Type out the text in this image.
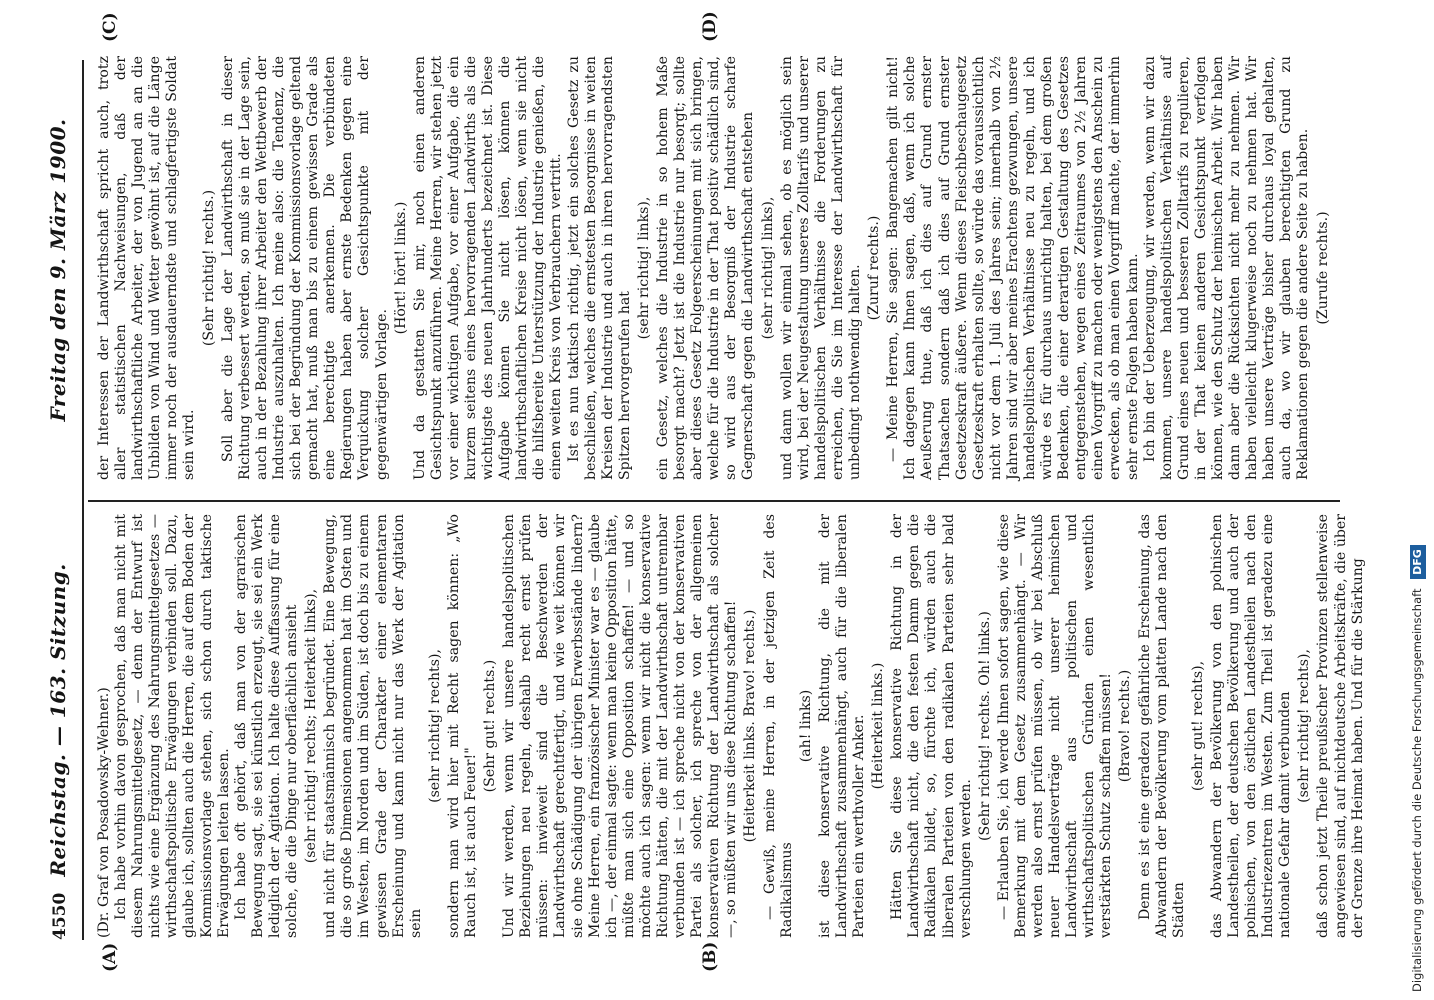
4550
Reichstag. — 163. Sitzung.
Freitag den 9. März 1900.
(A)	(B)
(C)	(D)

(Dr. Graf von Posadowsky-Wehner.) Ich habe vorhin davon gesprochen, daß man nicht mit diesem Nahrungsmittelgesetz, — denn der Entwurf ist nichts wie eine Ergänzung des Nahrungsmittelgesetzes — wirthschaftspolitische Erwägungen verbinden soll. Dazu, glaube ich, sollten auch die Herren, die auf dem Boden der Kommissionsvorlage stehen, sich schon durch taktische Erwägungen leiten lassen. Ich habe oft gehört, daß man von der agrarischen Bewegung sagt, sie sei künstlich erzeugt, sie sei ein Werk lediglich der Agitation. Ich halte diese Auffassung für eine solche, die die Dinge nur oberflächlich ansieht (sehr richtig! rechts; Heiterkeit links), und nicht für staatsmännisch begründet. Eine Bewegung, die so große Dimensionen angenommen hat im Osten und im Westen, im Norden und im Süden, ist doch bis zu einem gewissen Grade der Charakter einer elementaren Erscheinung und kann nicht nur das Werk der Agitation sein

(sehr richtig! rechts), sondern man wird hier mit Recht sagen können: „Wo Rauch ist, ist auch Feuer!"

(Sehr gut! rechts.) Und wir werden, wenn wir unsere handelspolitischen Beziehungen neu regeln, deshalb recht ernst prüfen müssen: inwieweit sind die Beschwerden der Landwirthschaft gerechtfertigt, und wie weit können wir sie ohne Schädigung der übrigen Erwerbsstände lindern? Meine Herren, ein französischer Minister war es — glaube ich —, der einmal sagte: wenn man keine Opposition hätte, müßte man sich eine Opposition schaffen! — und so möchte auch ich sagen: wenn wir nicht die konservative Richtung hätten, die mit der Landwirthschaft untrennbar verbunden ist — ich spreche nicht von der konservativen Partei als solcher, ich spreche von der allgemeinen konservativen Richtung der Landwirthschaft als solcher —, so müßten wir uns diese Richtung schaffen! (Heiterkeit links. Bravo! rechts.) — Gewiß, meine Herren, in der jetzigen Zeit des Radikalismus

(ah! links) ist diese konservative Richtung, die mit der Landwirthschaft zusammenhängt, auch für die liberalen Parteien ein werthvoller Anker. (Heiterkeit links.) Hätten Sie diese konservative Richtung in der Landwirthschaft nicht, die den festen Damm gegen die Radikalen bildet, so, fürchte ich, würden auch die liberalen Parteien von den radikalen Parteien sehr bald verschlungen werden.

(Sehr richtig! rechts. Oh! links.) — Erlauben Sie, ich werde Ihnen sofort sagen, wie diese Bemerkung mit dem Gesetz zusammenhängt. — Wir werden also ernst prüfen müssen, ob wir bei Abschluß neuer Handelsverträge nicht unserer heimischen Landwirthschaft aus politischen und wirthschaftspolitischen Gründen einen wesentlich verstärkten Schutz schaffen müssen! (Bravo! rechts.) Denn es ist eine geradezu gefährliche Erscheinung, das Abwandern der Bevölkerung vom platten Lande nach den Städten

(sehr gut! rechts), das Abwandern der Bevölkerung von den polnischen Landestheilen, der deutschen Bevölkerung und auch der polnischen, von den östlichen Landestheilen nach den Industriezentren im Westen. Zum Theil ist geradezu eine nationale Gefahr damit verbunden (sehr richtig! rechts), daß schon jetzt Theile preußischer Provinzen stellenweise angewiesen sind, auf nichtdeutsche Arbeitskräfte, die über der Grenze ihre Heimat haben. Und für die Stärkung

der Interessen der Landwirthschaft spricht auch, trotz aller statistischen Nachweisungen, daß der landwirthschaftliche Arbeiter, der von Jugend an an die Unbilden von Wind und Wetter gewöhnt ist, auf die Länge immer noch der ausdauerndste und schlagfertigste Soldat sein wird.

(Sehr richtig! rechts.) Soll aber die Lage der Landwirthschaft in dieser Richtung verbessert werden, so muß sie in der Lage sein, auch in der Bezahlung ihrer Arbeiter den Wettbewerb der Industrie auszuhalten. Ich meine also: die Tendenz, die sich bei der Begründung der Kommissionsvorlage geltend gemacht hat, muß man bis zu einem gewissen Grade als eine berechtigte anerkennen. Die verbündeten Regierungen haben aber ernste Bedenken gegen eine Verquickung solcher Gesichtspunkte mit der gegenwärtigen Vorlage.

(Hört! hört! links.) Und da gestatten Sie mir, noch einen anderen Gesichtspunkt anzuführen. Meine Herren, wir stehen jetzt vor einer wichtigen Aufgabe, vor einer Aufgabe, die ein kurzem seitens eines hervorragenden Landwirths als die wichtigste des neuen Jahrhunderts bezeichnet ist. Diese Aufgabe können Sie nicht lösen, können die landwirthschaftlichen Kreise nicht lösen, wenn sie nicht die hilfsbereite Unterstützung der Industrie genießen, die einen weiten Kreis von Verbrauchern vertritt. Ist es nun taktisch richtig, jetzt ein solches Gesetz zu beschließen, welches die ernstesten Besorgnisse in weiten Kreisen der Industrie und auch in ihren hervorragendsten Spitzen hervorgerufen hat

(sehr richtig! links), ein Gesetz, welches die Industrie in so hohem Maße besorgt macht? Jetzt ist die Industrie nur besorgt; sollte aber dieses Gesetz Folgeerscheinungen mit sich bringen, welche für die Industrie in der That positiv schädlich sind, so wird aus der Besorgniß der Industrie scharfe Gegnerschaft gegen die Landwirthschaft entstehen (sehr richtig! links), und dann wollen wir einmal sehen, ob es möglich sein wird, bei der Neugestaltung unseres Zolltarifs und unserer handelspolitischen Verhältnisse die Forderungen zu erreichen, die Sie im Interesse der Landwirthschaft für unbedingt nothwendig halten. (Zuruf rechts.) — Meine Herren, Sie sagen: Bangemachen gilt nicht! Ich dagegen kann Ihnen sagen, daß, wenn ich solche Aeußerung thue, daß ich dies auf Grund ernster Thatsachen sondern daß ich dies auf Grund ernster Gesetzeskraft äußere. Wenn dieses Fleischbeschaugesetz Gesetzeskraft erhalten sollte, so würde das voraussichtlich nicht vor dem 1. Juli des Jahres sein; innerhalb von 2½ Jahren sind wir aber meines Erachtens gezwungen, unsere handelspolitischen Verhältnisse neu zu regeln, und ich würde es für durchaus unrichtig halten, bei dem großen Bedenken, die einer derartigen Gestaltung des Gesetzes entgegenstehen, wegen eines Zeitraumes von 2½ Jahren einen Vorgriff zu machen oder wenigstens den Anschein zu erwecken, als ob man einen Vorgriff machte, der immerhin sehr ernste Folgen haben kann. Ich bin der Ueberzeugung, wir werden, wenn wir dazu kommen, unsere handelspolitischen Verhältnisse auf Grund eines neuen und besseren Zolltarifs zu regulieren, in der That keinen anderen Gesichtspunkt verfolgen können, wie den Schutz der heimischen Arbeit. Wir haben dann aber die Rücksichten nicht mehr zu nehmen. Wir haben vielleicht klugerweise noch zu nehmen hat. Wir haben unsere Verträge bisher durchaus loyal gehalten, auch da, wo wir glauben berechtigten Grund zu Reklamationen gegen die andere Seite zu haben. (Zurufe rechts.)

Digitalisierung gefördert durch die Deutsche Forschungsgemeinschaft DFG
